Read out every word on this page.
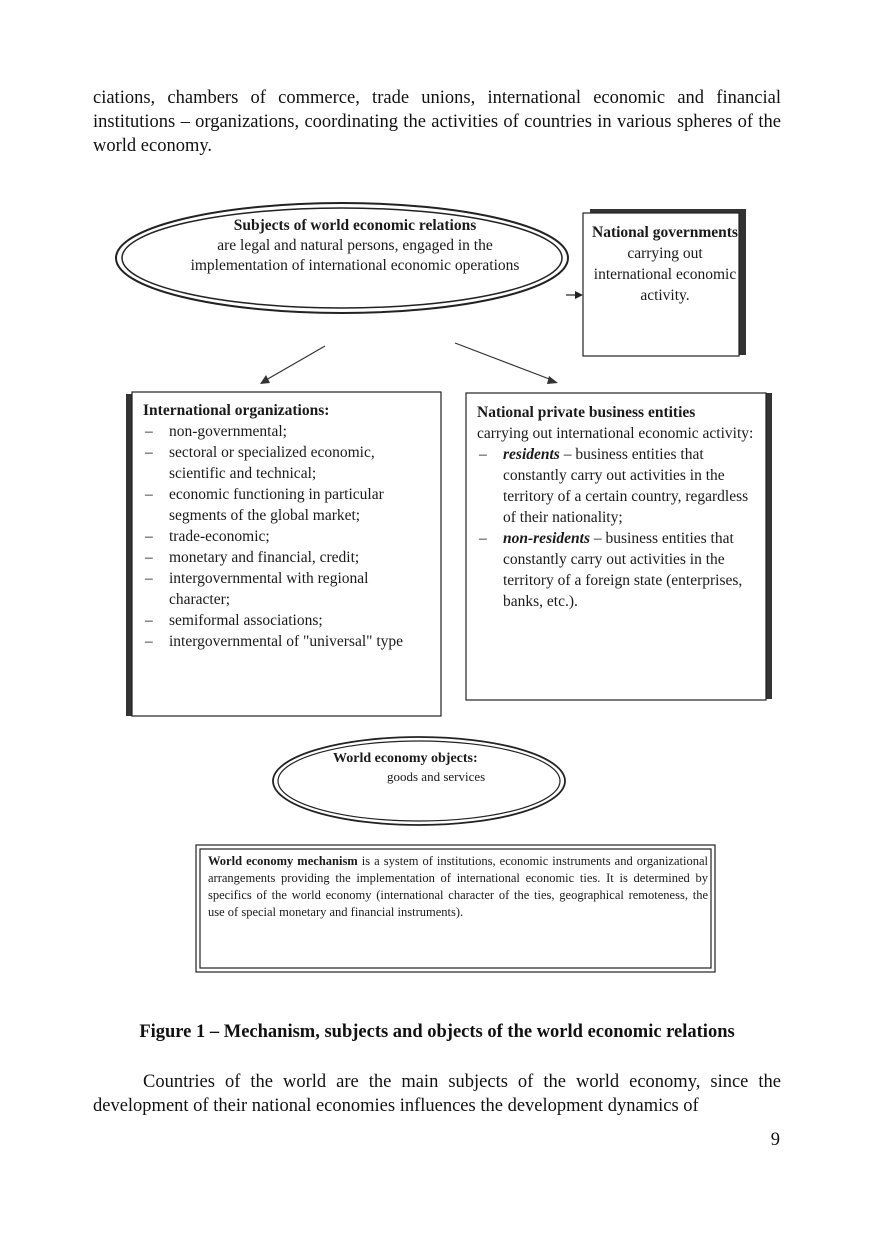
ciations, chambers of commerce, trade unions, international economic and financial institutions – organizations, coordinating the activities of countries in various spheres of the world economy.
Subjects of world economic relations
are legal and natural persons, engaged in the implementation of international economic operations
National governments
carrying out international economic activity.
International organizations:
– non-governmental;
– sectoral or specialized economic, scientific and technical;
– economic functioning in particular segments of the global market;
– trade-economic;
– monetary and financial, credit;
– intergovernmental with regional character;
– semiformal associations;
– intergovernmental of "universal" type
National private business entities
carrying out international economic activity:
– residents – business entities that constantly carry out activities in the territory of a certain country, regardless of their nationality;
– non-residents – business entities that constantly carry out activities in the territory of a foreign state (enterprises, banks, etc.).
World economy objects:
goods and services
World economy mechanism is a system of institutions, economic instruments and organizational arrangements providing the implementation of international economic ties. It is determined by specifics of the world economy (international character of the ties, geographical remoteness, the use of special monetary and financial instruments).
Figure 1 – Mechanism, subjects and objects of the world economic relations
Countries of the world are the main subjects of the world economy, since the development of their national economies influences the development dynamics of
9
